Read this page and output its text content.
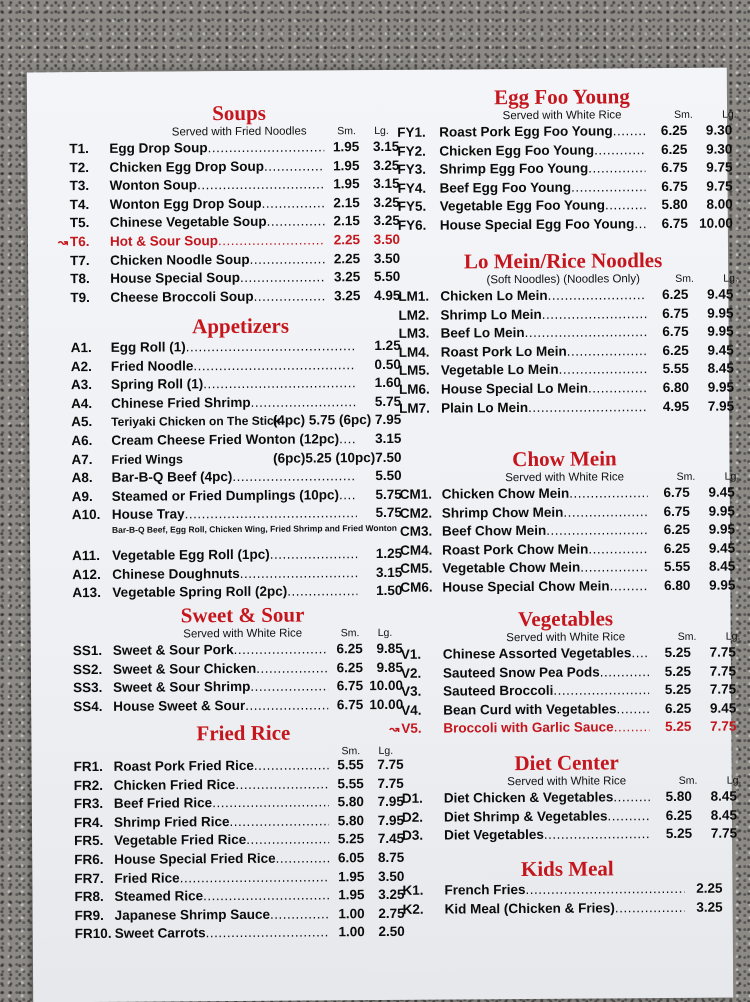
Soups
Served with Fried Noodles	Sm. Lg.
T1. Egg Drop Soup .....	1.95 3.15
T2. Chicken Egg Drop Soup .....	1.95 3.25
T3. Wonton Soup .....	1.95 3.15
T4. Wonton Egg Drop Soup .....	2.15 3.25
T5. Chinese Vegetable Soup .....	2.15 3.25
↝ T6. Hot & Sour Soup .....	2.25 3.50
T7. Chicken Noodle Soup .....	2.25 3.50
T8. House Special Soup .....	3.25 5.50
T9. Cheese Broccoli Soup .....	3.25 4.95
Appetizers
A1. Egg Roll (1) .....	1.25
A2. Fried Noodle .....	0.50
A3. Spring Roll (1) .....	1.60
A4. Chinese Fried Shrimp .....	5.75
A5. Teriyaki Chicken on The Stick
(4pc) 5.75 (6pc) 7.95
A6. Cream Cheese Fried Wonton (12pc) .....	3.15
A7. Fried Wings	(6pc)5.25 (10pc)7.50
A8. Bar-B-Q Beef (4pc) .....	5.50
A9. Steamed or Fried Dumplings (10pc) .....	5.75
A10. House Tray .....	5.75
Bar-B-Q Beef, Egg Roll, Chicken Wing, Fried Shrimp and Fried Wonton
A11. Vegetable Egg Roll (1pc) .....	1.25
A12. Chinese Doughnuts .....	3.15
A13. Vegetable Spring Roll (2pc) .....	1.50
Sweet & Sour
Served with White Rice	Sm. Lg.
SS1. Sweet & Sour Pork .....	6.25 9.85
SS2. Sweet & Sour Chicken .....	6.25 9.85
SS3. Sweet & Sour Shrimp .....	6.75 10.00
SS4. House Sweet & Sour .....	6.75 10.00
Fried Rice
Sm. Lg.
FR1. Roast Pork Fried Rice .....	5.55 7.75
FR2. Chicken Fried Rice .....	5.55 7.75
FR3. Beef Fried Rice .....	5.80 7.95
FR4. Shrimp Fried Rice .....	5.80 7.95
FR5. Vegetable Fried Rice .....	5.25 7.45
FR6. House Special Fried Rice .....	6.05 8.75
FR7. Fried Rice .....	1.95 3.50
FR8. Steamed Rice .....	1.95 3.25
FR9. Japanese Shrimp Sauce .....	1.00 2.75
FR10. Sweet Carrots .....	1.00 2.50
Egg Foo Young
Served with White Rice	Sm.	Lg.
FY1. Roast Pork Egg Foo Young .....	6.25 9.30
FY2. Chicken Egg Foo Young .....	6.25 9.30
FY3. Shrimp Egg Foo Young .....	6.75 9.75
FY4. Beef Egg Foo Young .....	6.75 9.75
FY5. Vegetable Egg Foo Young .....	5.80 8.00
FY6. House Special Egg Foo Young .....	6.75 10.00
Lo Mein/Rice Noodles
(Soft Noodles) (Noodles Only)	Sm.	Lg.
LM1. Chicken Lo Mein .....	6.25 9.45
LM2. Shrimp Lo Mein .....	6.75 9.95
LM3. Beef Lo Mein .....	6.75 9.95
LM4. Roast Pork Lo Mein .....	6.25 9.45
LM5. Vegetable Lo Mein .....	5.55 8.45
LM6. House Special Lo Mein .....	6.80 9.95
LM7. Plain Lo Mein .....	4.95 7.95
Chow Mein
Served with White Rice	Sm.	Lg.
CM1. Chicken Chow Mein .....	6.75 9.45
CM2. Shrimp Chow Mein .....	6.75 9.95
CM3. Beef Chow Mein .....	6.25 9.95
CM4. Roast Pork Chow Mein .....	6.25 9.45
CM5. Vegetable Chow Mein .....	5.55 8.45
CM6. House Special Chow Mein .....	6.80 9.95
Vegetables
Served with White Rice	Sm.	Lg.
V1. Chinese Assorted Vegetables .....	5.25 7.75
V2. Sauteed Snow Pea Pods .....	5.25 7.75
V3. Sauteed Broccoli .....	5.25 7.75
V4. Bean Curd with Vegetables .....	6.25 9.45
↝ V5. Broccoli with Garlic Sauce .....	5.25 7.75
Diet Center
Served with White Rice	Sm.	Lg.
D1. Diet Chicken & Vegetables .....	5.80 8.45
D2. Diet Shrimp & Vegetables .....	6.25 8.45
D3. Diet Vegetables .....	5.25 7.75
Kids Meal
K1. French Fries .....	2.25
K2. Kid Meal (Chicken & Fries) .....	3.25
